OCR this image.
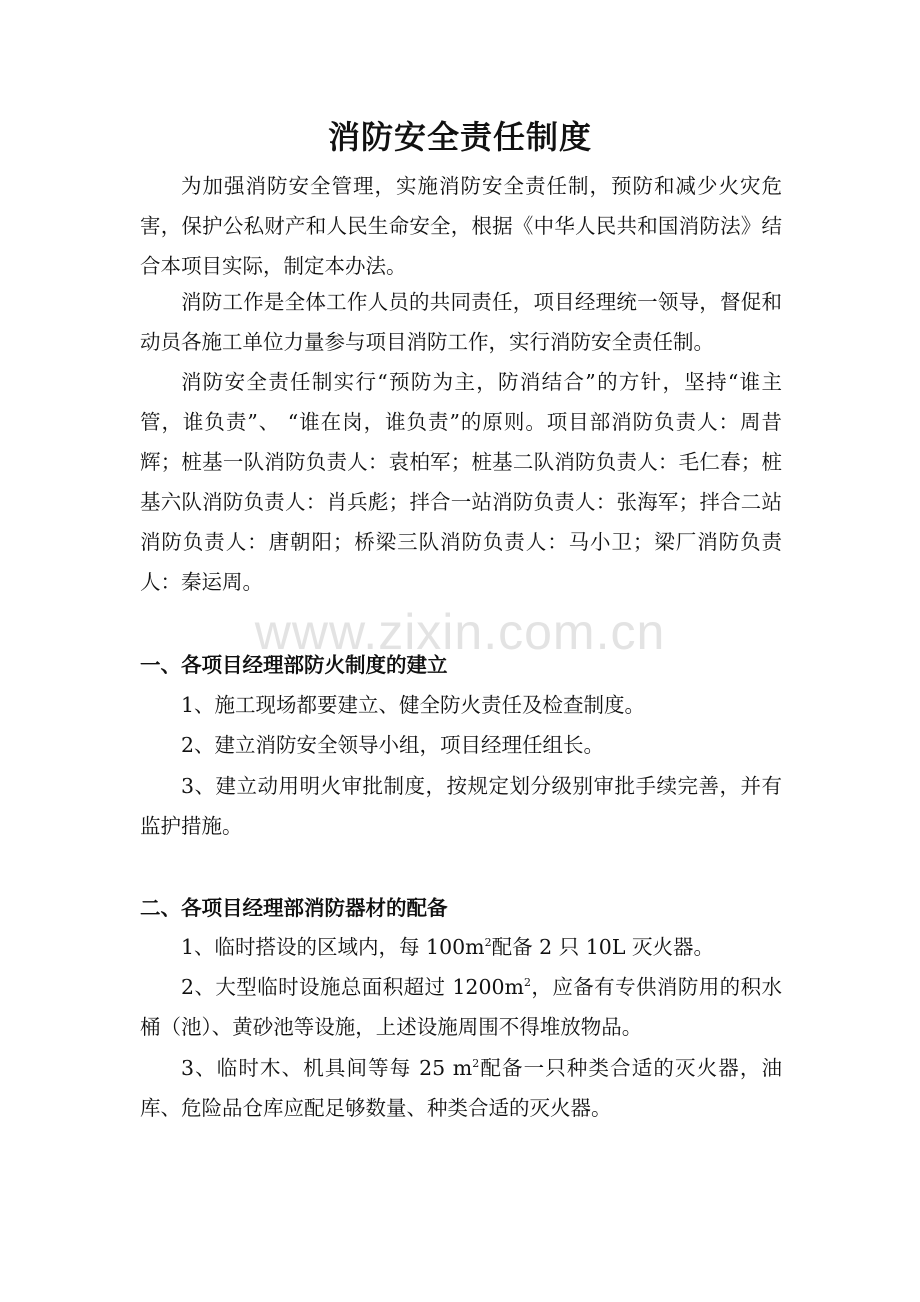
消防安全责任制度

为加强消防安全管理，实施消防安全责任制，预防和减少火灾危害，保护公私财产和人民生命安全，根据《中华人民共和国消防法》结合本项目实际，制定本办法。

消防工作是全体工作人员的共同责任，项目经理统一领导，督促和动员各施工单位力量参与项目消防工作，实行消防安全责任制。

消防安全责任制实行“预防为主，防消结合”的方针，坚持“谁主管，谁负责”、 “谁在岗，谁负责”的原则。项目部消防负责人：周昔辉；桩基一队消防负责人：袁柏军；桩基二队消防负责人：毛仁春；桩基六队消防负责人：肖兵彪；拌合一站消防负责人：张海军；拌合二站消防负责人：唐朝阳；桥梁三队消防负责人：马小卫；梁厂消防负责人：秦运周。

www.zixin.com.cn

一、各项目经理部防火制度的建立

1、施工现场都要建立、健全防火责任及检查制度。

2、建立消防安全领导小组，项目经理任组长。

3、建立动用明火审批制度，按规定划分级别审批手续完善，并有监护措施。

二、各项目经理部消防器材的配备

1、临时搭设的区域内，每 $100m^2$配备 2 只 10L 灭火器。

2、大型临时设施总面积超过 $1200m^2$，应备有专供消防用的积水桶（池）、黄砂池等设施，上述设施周围不得堆放物品。

3、临时木、机具间等每 25 $m^2$配备一只种类合适的灭火器，油库、危险品仓库应配足够数量、种类合适的灭火器。
